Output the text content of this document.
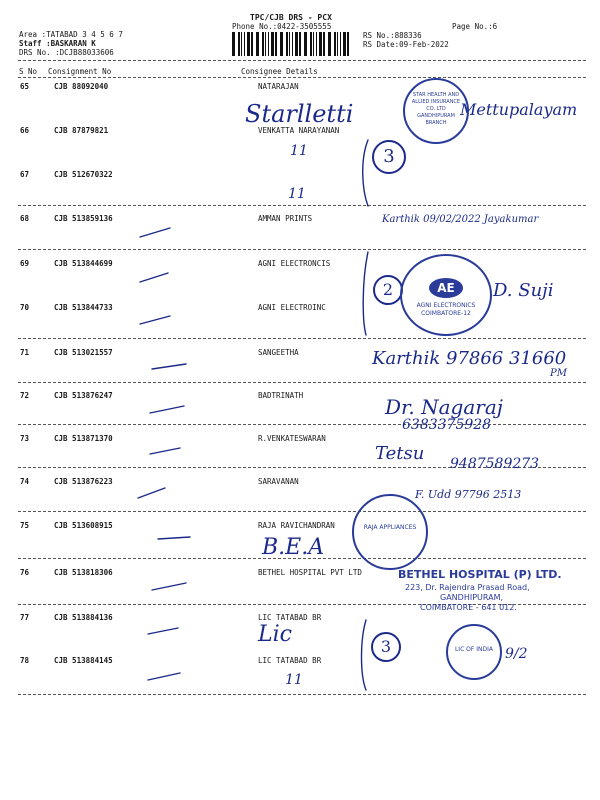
TPC/CJB DRS - PCX
Phone No.:0422-3505555	Page No.:6
Area :TATABAD 3 4 5 6 7
Staff :BASKARAN K
DRS No. :DCJB88033606
RS No.:888336
RS Date:09-Feb-2022
S No Consignment No	Consignee Details
65	CJB 88092040	NATARAJAN
66	CJB 87879821	VENKATTA NARAYANAN
67	CJB 512670322
68	CJB 513859136	AMMAN PRINTS
69	CJB 513844699	AGNI ELECTRONCIS
70	CJB 513844733	AGNI ELECTROINC
71	CJB 513021557	SANGEETHA
72	CJB 513876247	BADTRINATH
73	CJB 513871370	R.VENKATESWARAN
74	CJB 513876223	SARAVANAN
75	CJB 513608915	RAJA RAVICHANDRAN
76	CJB 513818306	BETHEL HOSPITAL PVT LTD
77	CJB 513884136	LIC TATABAD BR
78	CJB 513884145	LIC TATABAD BR
Starlletti	Mettupalayam
11	3
11
Karthik 09/02/2022 Jayakumar
2	D. Suji
Karthik 97866 31660
PM
Dr. Nagaraj
6383375928
Tetsu 9487589273
F. Udd 97796 2513
B.E.A
Lic	3	9/2
11
STAR HEALTH AND ALLIED INSURANCE CO. LTD GANDHIPURAM BRANCH
AE
AGNI ELECTRONICS COIMBATORE-12
RAJA APPLIANCES
LIC OF INDIA
BETHEL HOSPITAL (P) LTD.
223, Dr. Rajendra Prasad Road,
GANDHIPURAM,
COIMBATORE - 641 012.
